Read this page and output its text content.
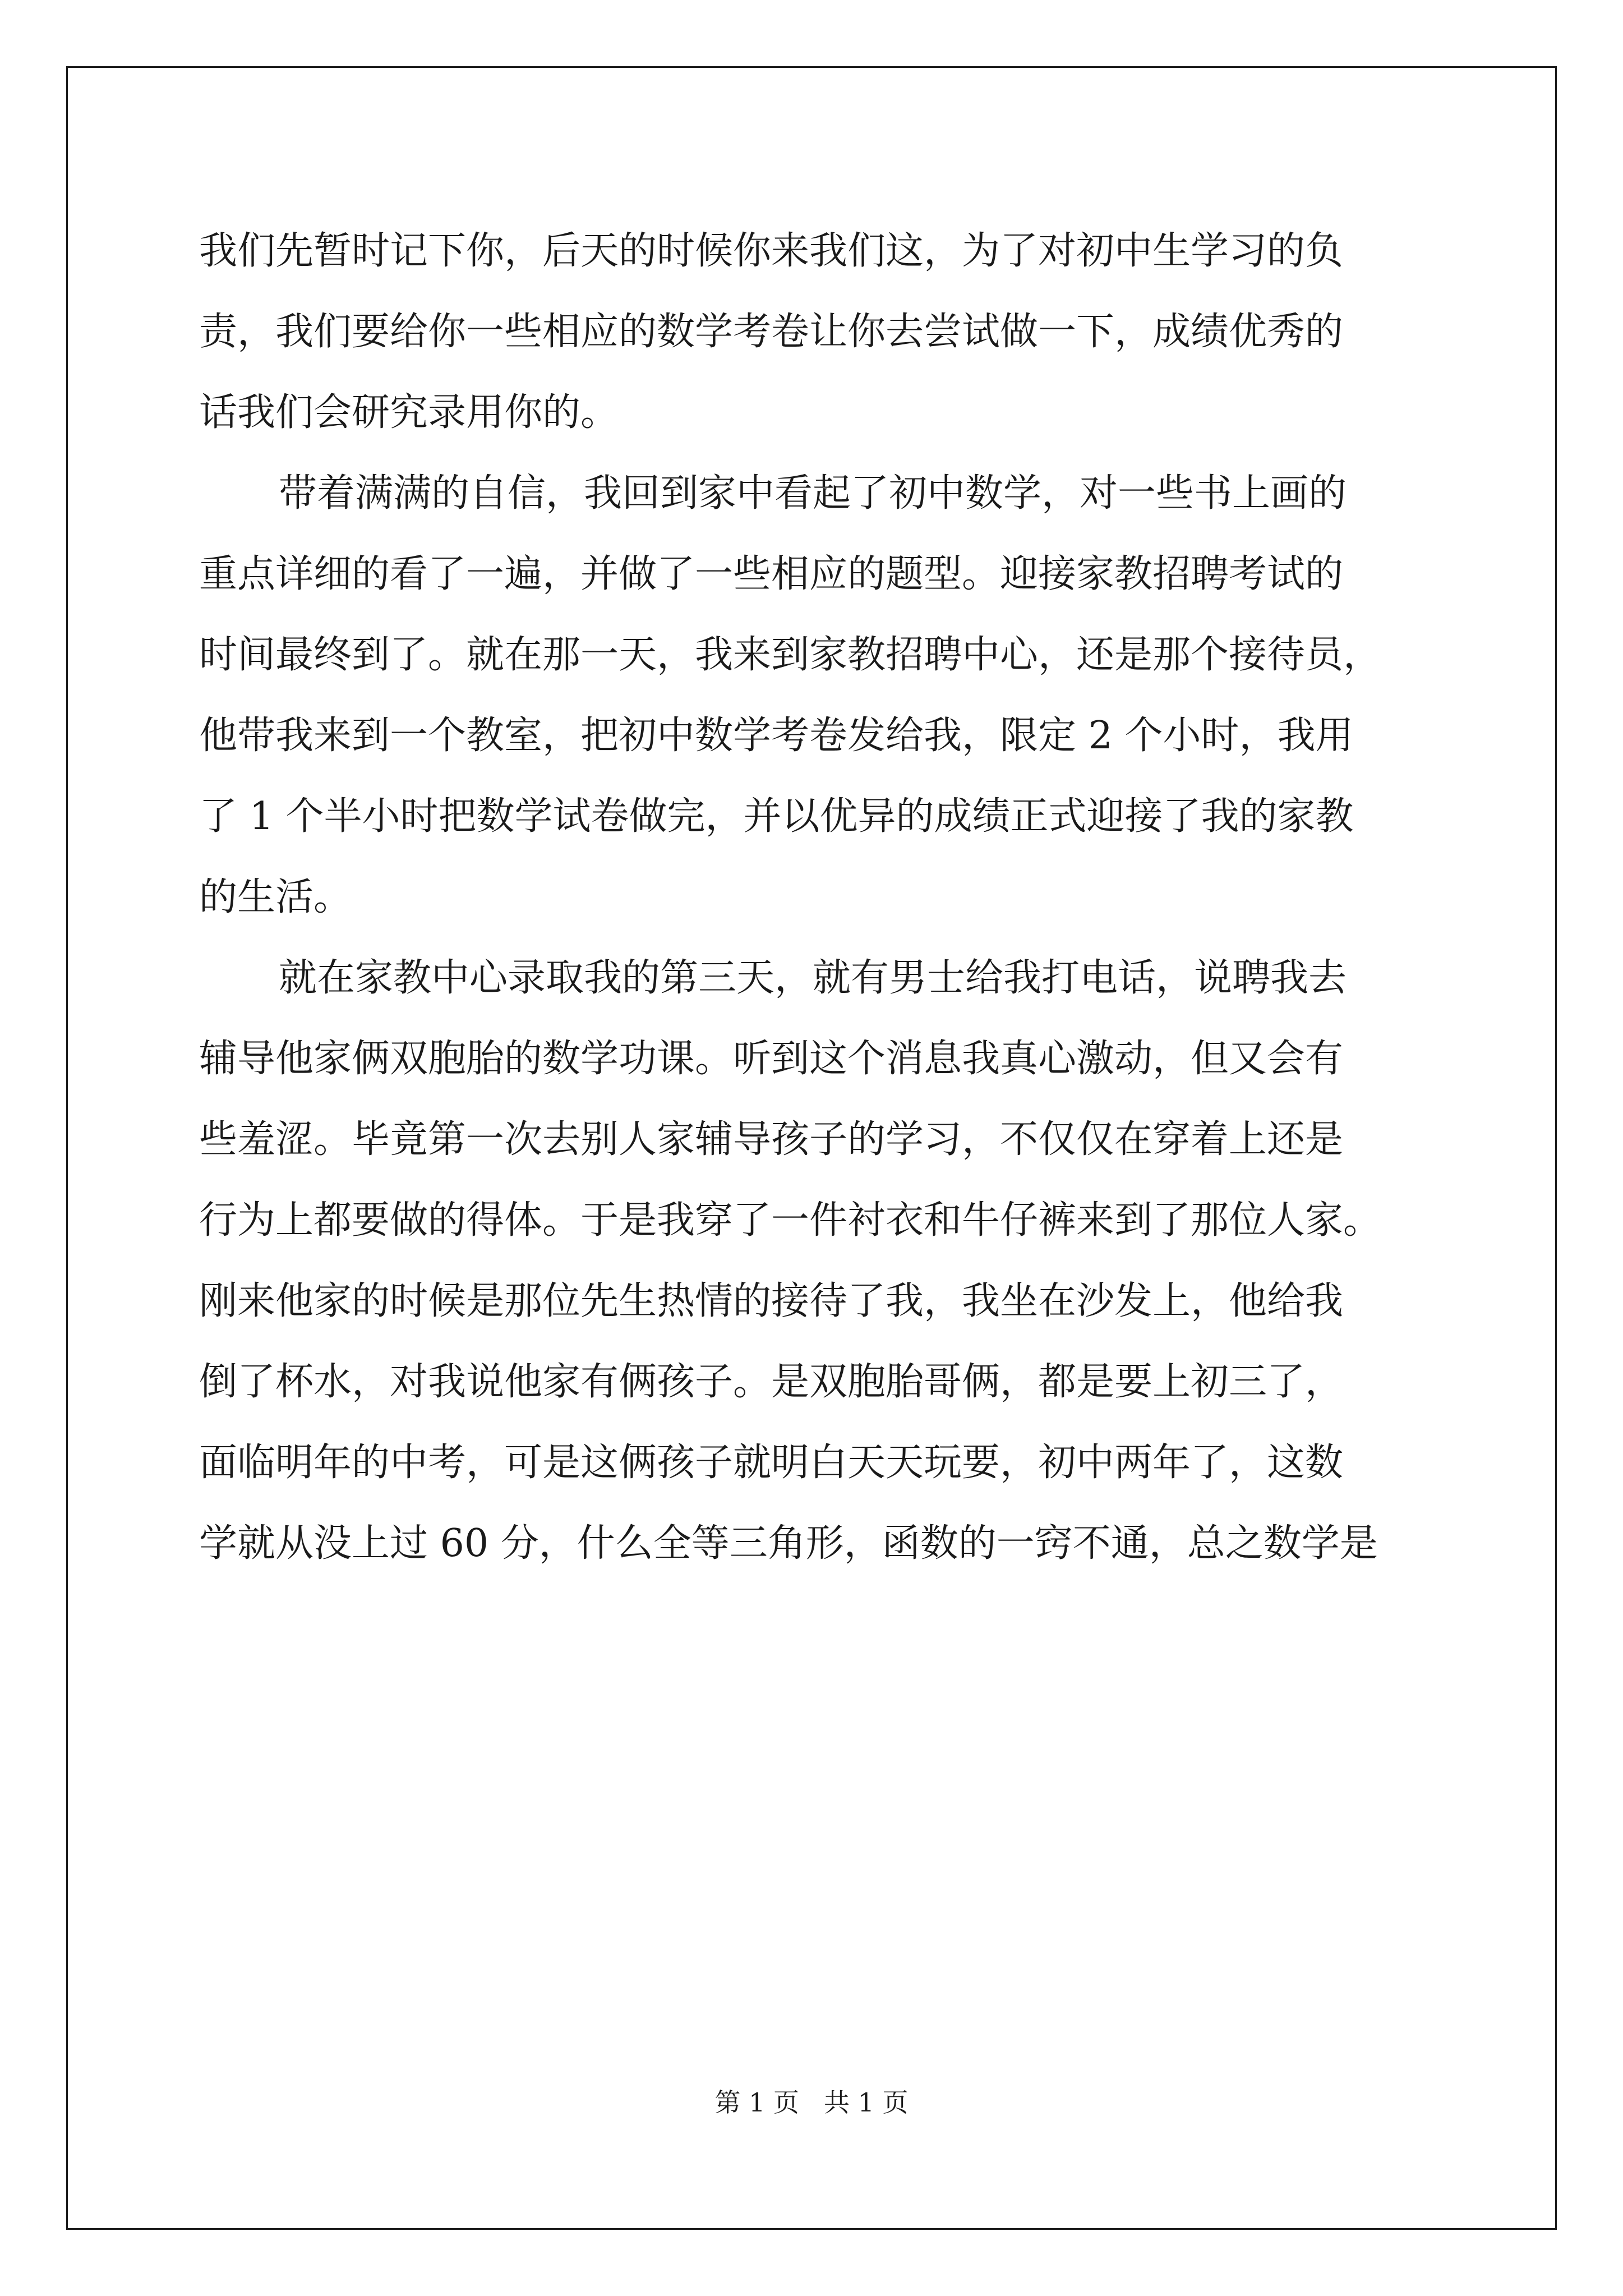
我们先暂时记下你，后天的时候你来我们这，为了对初中生学习的负
责，我们要给你一些相应的数学考卷让你去尝试做一下，成绩优秀的
话我们会研究录用你的。
带着满满的自信，我回到家中看起了初中数学，对一些书上画的
重点详细的看了一遍，并做了一些相应的题型。迎接家教招聘考试的
时间最终到了。就在那一天，我来到家教招聘中心，还是那个接待员，
他带我来到一个教室，把初中数学考卷发给我，限定 2 个小时，我用
了 1 个半小时把数学试卷做完，并以优异的成绩正式迎接了我的家教
的生活。
就在家教中心录取我的第三天，就有男士给我打电话，说聘我去
辅导他家俩双胞胎的数学功课。听到这个消息我真心激动，但又会有
些羞涩。毕竟第一次去别人家辅导孩子的学习，不仅仅在穿着上还是
行为上都要做的得体。于是我穿了一件衬衣和牛仔裤来到了那位人家。
刚来他家的时候是那位先生热情的接待了我，我坐在沙发上，他给我
倒了杯水，对我说他家有俩孩子。是双胞胎哥俩，都是要上初三了，
面临明年的中考，可是这俩孩子就明白天天玩要，初中两年了，这数
学就从没上过 60 分，什么全等三角形，函数的一窍不通，总之数学是
第 1 页 共 1 页
